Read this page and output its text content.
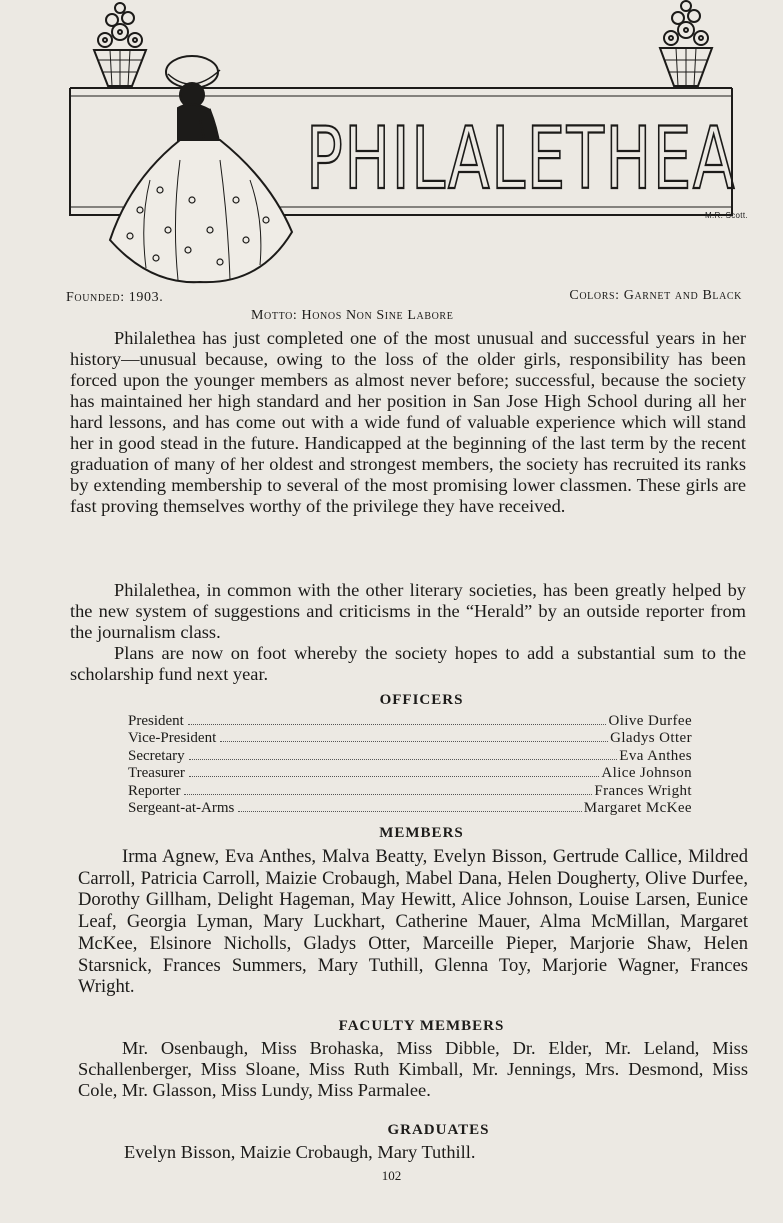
PHILALETHEA
M.R. Scott.
Founded: 1903.	Colors: Garnet and Black
Motto: Honos Non Sine Labore

Philalethea has just completed one of the most unusual and successful years in her history—unusual because, owing to the loss of the older girls, responsibility has been forced upon the younger members as almost never before; successful, because the society has maintained her high standard and her position in San Jose High School during all her hard lessons, and has come out with a wide fund of valuable experience which will stand her in good stead in the future. Handicapped at the beginning of the last term by the recent graduation of many of her oldest and strongest members, the society has recruited its ranks by extending membership to several of the most promising lower classmen. These girls are fast proving themselves worthy of the privilege they have received.

Philalethea, in common with the other literary societies, has been greatly helped by the new system of suggestions and criticisms in the “Herald” by an outside reporter from the journalism class.

Plans are now on foot whereby the society hopes to add a substantial sum to the scholarship fund next year.

OFFICERS
President	Olive Durfee
Vice-President	Gladys Otter
Secretary	Eva Anthes
Treasurer	Alice Johnson
Reporter	Frances Wright
Sergeant-at-Arms	Margaret McKee
MEMBERS

Irma Agnew, Eva Anthes, Malva Beatty, Evelyn Bisson, Gertrude Callice, Mildred Carroll, Patricia Carroll, Maizie Crobaugh, Mabel Dana, Helen Dougherty, Olive Durfee, Dorothy Gillham, Delight Hageman, May Hewitt, Alice Johnson, Louise Larsen, Eunice Leaf, Georgia Lyman, Mary Luckhart, Catherine Mauer, Alma McMillan, Margaret McKee, Elsinore Nicholls, Gladys Otter, Marceille Pieper, Marjorie Shaw, Helen Starsnick, Frances Summers, Mary Tuthill, Glenna Toy, Marjorie Wagner, Frances Wright.

FACULTY MEMBERS

Mr. Osenbaugh, Miss Brohaska, Miss Dibble, Dr. Elder, Mr. Leland, Miss Schallenberger, Miss Sloane, Miss Ruth Kimball, Mr. Jennings, Mrs. Desmond, Miss Cole, Mr. Glasson, Miss Lundy, Miss Parmalee.

GRADUATES
Evelyn Bisson, Maizie Crobaugh, Mary Tuthill.
102
